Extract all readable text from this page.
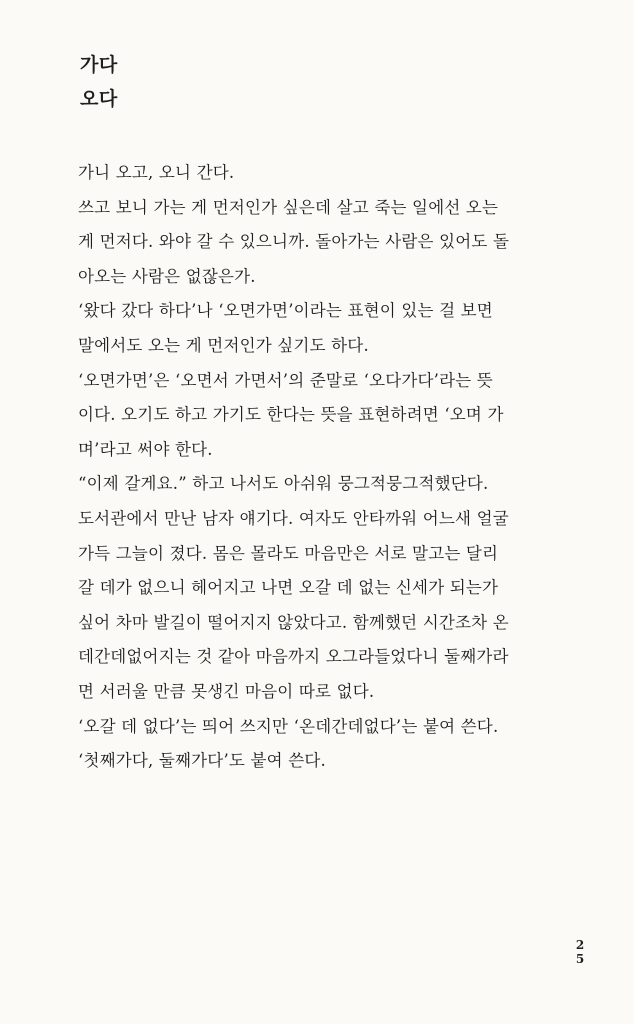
가다
오다
가니 오고, 오니 간다.
쓰고 보니 가는 게 먼저인가 싶은데 살고 죽는 일에선 오는
게 먼저다. 와야 갈 수 있으니까. 돌아가는 사람은 있어도 돌
아오는 사람은 없잖은가.
‘왔다 갔다 하다’나 ‘오면가면’이라는 표현이 있는 걸 보면
말에서도 오는 게 먼저인가 싶기도 하다.
‘오면가면’은 ‘오면서 가면서’의 준말로 ‘오다가다’라는 뜻
이다. 오기도 하고 가기도 한다는 뜻을 표현하려면 ‘오며 가
며’라고 써야 한다.
“이제 갈게요.” 하고 나서도 아쉬워 뭉그적뭉그적했단다.
도서관에서 만난 남자 얘기다. 여자도 안타까워 어느새 얼굴
가득 그늘이 졌다. 몸은 몰라도 마음만은 서로 말고는 달리
갈 데가 없으니 헤어지고 나면 오갈 데 없는 신세가 되는가
싶어 차마 발길이 떨어지지 않았다고. 함께했던 시간조차 온
데간데없어지는 것 같아 마음까지 오그라들었다니 둘째가라
면 서러울 만큼 못생긴 마음이 따로 없다.
‘오갈 데 없다’는 띄어 쓰지만 ‘온데간데없다’는 붙여 쓴다.
‘첫째가다, 둘째가다’도 붙여 쓴다.
2
5
